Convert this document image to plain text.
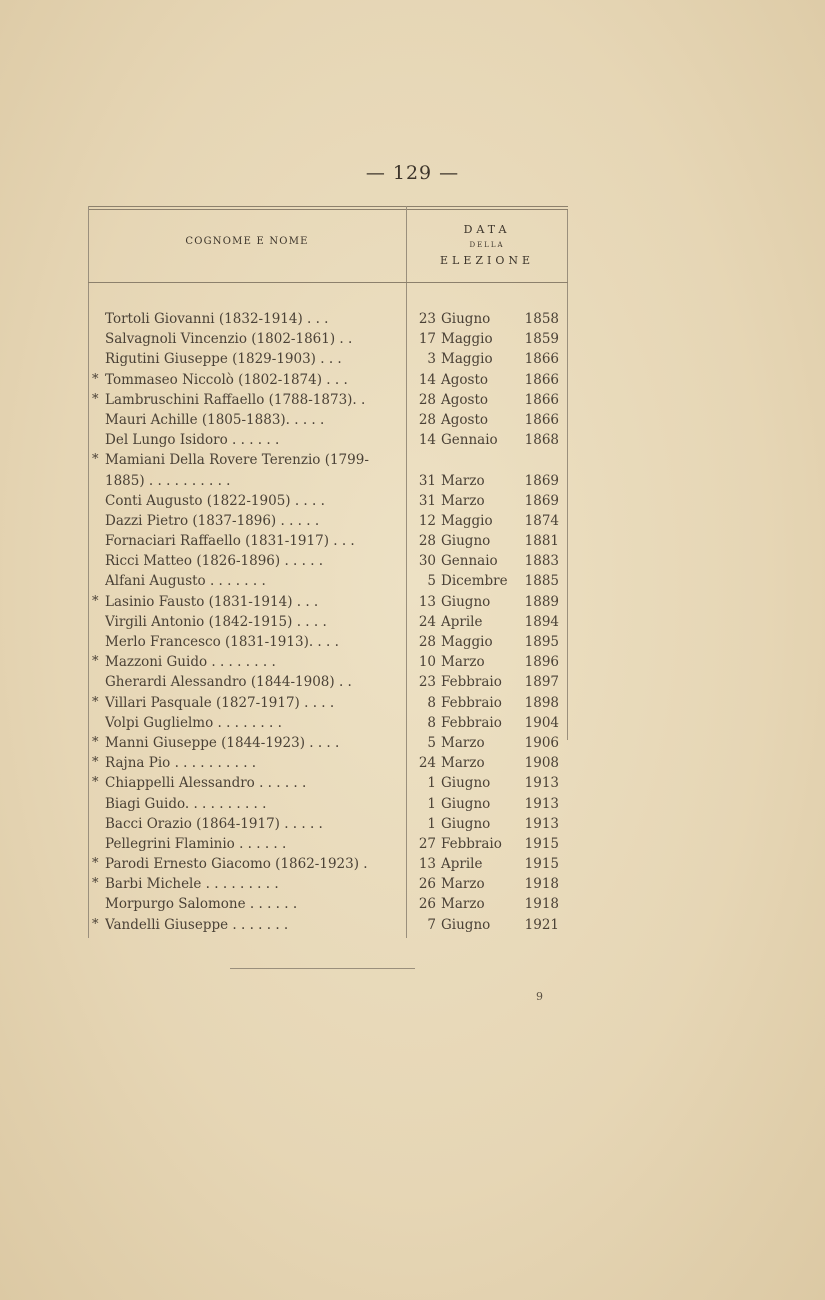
— 129 —
COGNOME E NOME
DATA
DELLA
ELEZIONE
Tortoli Giovanni (1832-1914) . . .	23 Giugno	1858
Salvagnoli Vincenzio (1802-1861) . .	17 Maggio	1859
Rigutini Giuseppe (1829-1903) . . .	3 Maggio	1866
* Tommaseo Niccolò (1802-1874) . . .	14 Agosto	1866
* Lambruschini Raffaello (1788-1873). .	28 Agosto	1866
Mauri Achille (1805-1883). . . . .	28 Agosto	1866
Del Lungo Isidoro . . . . . .	14 Gennaio	1868
* Mamiani Della Rovere Terenzio (1799-
1885) . . . . . . . . . .	31 Marzo	1869
Conti Augusto (1822-1905) . . . .	31 Marzo	1869
Dazzi Pietro (1837-1896) . . . . .	12 Maggio	1874
Fornaciari Raffaello (1831-1917) . . .	28 Giugno	1881
Ricci Matteo (1826-1896) . . . . .	30 Gennaio	1883
Alfani Augusto . . . . . . .	5 Dicembre	1885
* Lasinio Fausto (1831-1914) . . .	13 Giugno	1889
Virgili Antonio (1842-1915) . . . .	24 Aprile	1894
Merlo Francesco (1831-1913). . . .	28 Maggio	1895
* Mazzoni Guido . . . . . . . .	10 Marzo	1896
Gherardi Alessandro (1844-1908) . .	23 Febbraio	1897
* Villari Pasquale (1827-1917) . . . .	8 Febbraio	1898
Volpi Guglielmo . . . . . . . .	8 Febbraio	1904
* Manni Giuseppe (1844-1923) . . . .	5 Marzo	1906
* Rajna Pio . . . . . . . . . .	24 Marzo	1908
* Chiappelli Alessandro . . . . . .	1 Giugno	1913
Biagi Guido. . . . . . . . . .	1 Giugno	1913
Bacci Orazio (1864-1917) . . . . .	1 Giugno	1913
Pellegrini Flaminio . . . . . .	27 Febbraio	1915
* Parodi Ernesto Giacomo (1862-1923) .	13 Aprile	1915
* Barbi Michele . . . . . . . . .	26 Marzo	1918
Morpurgo Salomone . . . . . .	26 Marzo	1918
* Vandelli Giuseppe . . . . . . .	7 Giugno	1921
9
